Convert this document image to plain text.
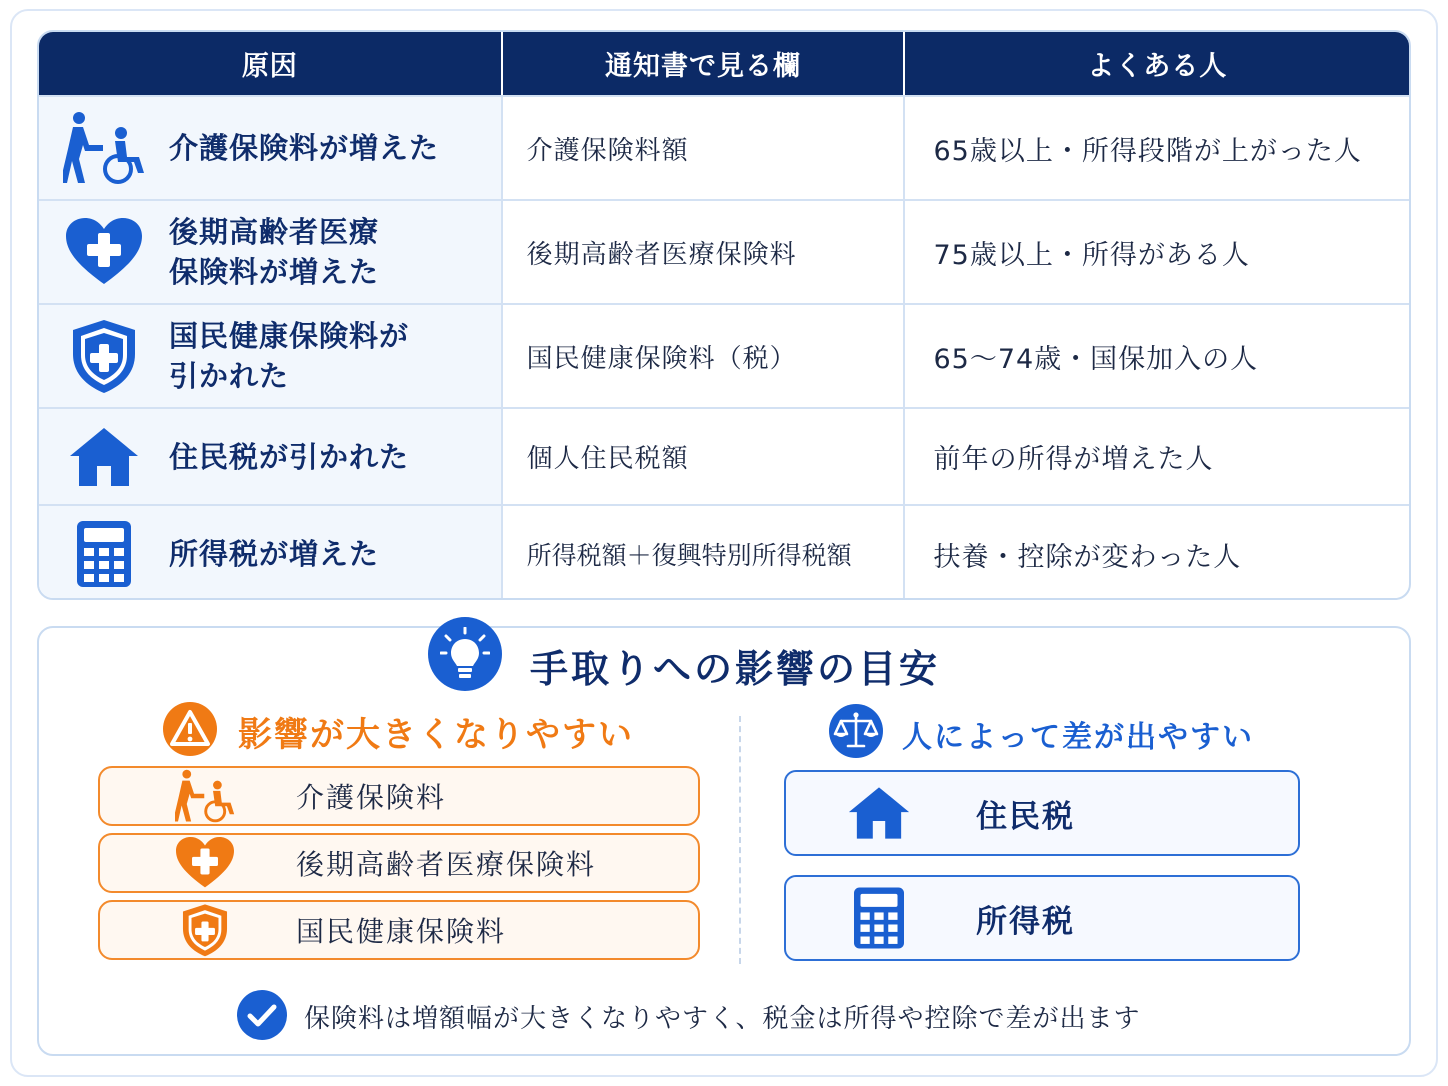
原因	通知書で見る欄	よくある人
介護保険料が増えた	介護保険料額	65歳以上・所得段階が上がった人
後期高齢者医療
保険料が増えた
後期高齢者医療保険料	75歳以上・所得がある人
国民健康保険料が
引かれた
国民健康保険料（税）	65〜74歳・国保加入の人
住民税が引かれた	個人住民税額	前年の所得が増えた人
所得税が増えた	所得税額＋復興特別所得税額	扶養・控除が変わった人
手取りへの影響の目安
影響が大きくなりやすい
介護保険料
後期高齢者医療保険料
国民健康保険料
人によって差が出やすい
住民税
所得税
保険料は増額幅が大きくなりやすく、税金は所得や控除で差が出ます
